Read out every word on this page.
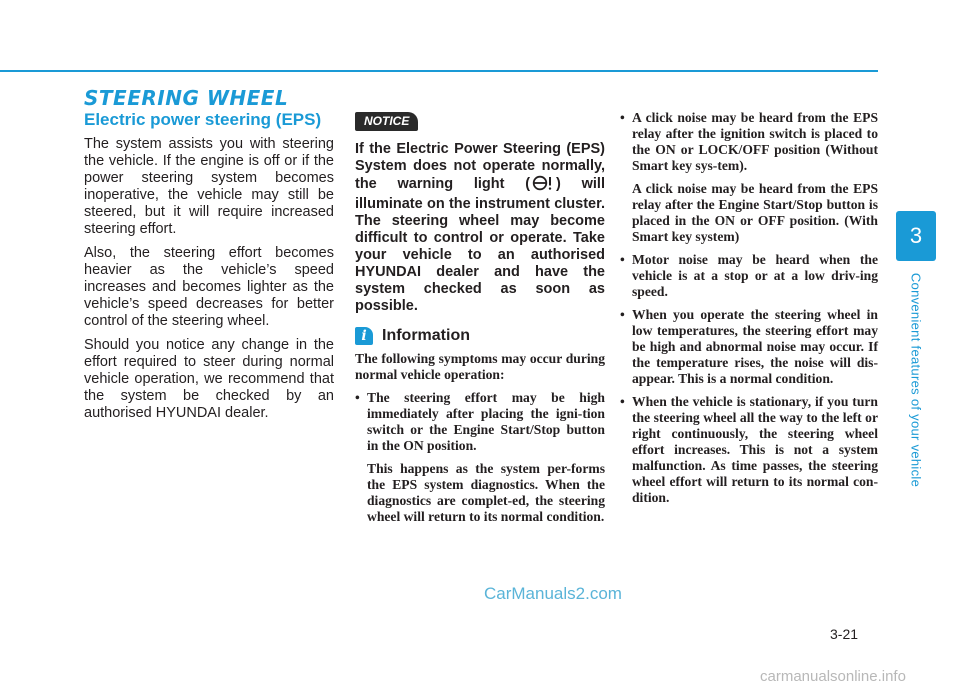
STEERING WHEEL
Electric power steering (EPS)

The system assists you with steering the vehicle. If the engine is off or if the power steering system becomes inoperative, the vehicle may still be steered, but it will require increased steering effort.

Also, the steering effort becomes heavier as the vehicle’s speed increases and becomes lighter as the vehicle’s speed decreases for better control of the steering wheel.

Should you notice any change in the effort required to steer during normal vehicle operation, we recommend that the system be checked by an authorised HYUNDAI dealer.

NOTICE

If the Electric Power Steering (EPS) System does not operate normally, the warning light ( ) will illuminate on the instrument cluster. The steering wheel may become difficult to control or operate. Take your vehicle to an authorised HYUNDAI dealer and have the system checked as soon as possible.

i Information

The following symptoms may occur during normal vehicle operation:

• The steering effort may be high immediately after placing the igni-tion switch or the Engine Start/Stop button in the ON position.

This happens as the system per-forms the EPS system diagnostics. When the diagnostics are complet-ed, the steering wheel will return to its normal condition.

• A click noise may be heard from the EPS relay after the ignition switch is placed to the ON or LOCK/OFF position (Without Smart key sys-tem).

A click noise may be heard from the EPS relay after the Engine Start/Stop button is placed in the ON or OFF position. (With Smart key system)

• Motor noise may be heard when the vehicle is at a stop or at a low driv-ing speed.

• When you operate the steering wheel in low temperatures, the steering effort may be high and abnormal noise may occur. If the temperature rises, the noise will dis-appear. This is a normal condition.

• When the vehicle is stationary, if you turn the steering wheel all the way to the left or right continuously, the steering wheel effort increases. This is not a system malfunction. As time passes, the steering wheel effort will return to its normal con-dition.

3
Convenient features of your vehicle
3-21
CarManuals2.com
carmanualsonline.info
